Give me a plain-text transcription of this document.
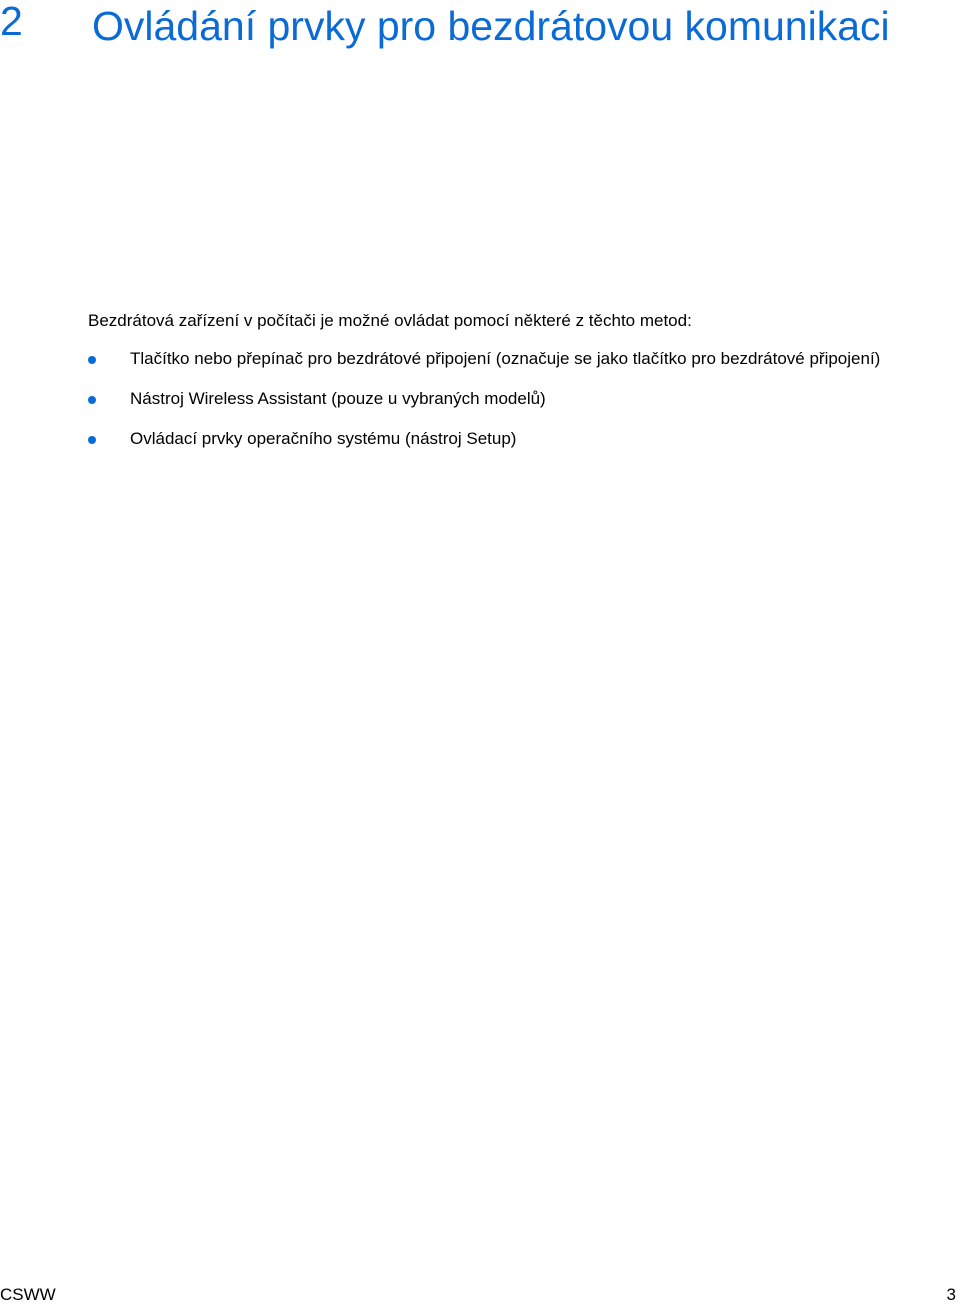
2 Ovládání prvky pro bezdrátovou komunikaci

Bezdrátová zařízení v počítači je možné ovládat pomocí některé z těchto metod:

Tlačítko nebo přepínač pro bezdrátové připojení (označuje se jako tlačítko pro bezdrátové připojení)
Nástroj Wireless Assistant (pouze u vybraných modelů)
Ovládací prvky operačního systému (nástroj Setup)
CSWW	3
